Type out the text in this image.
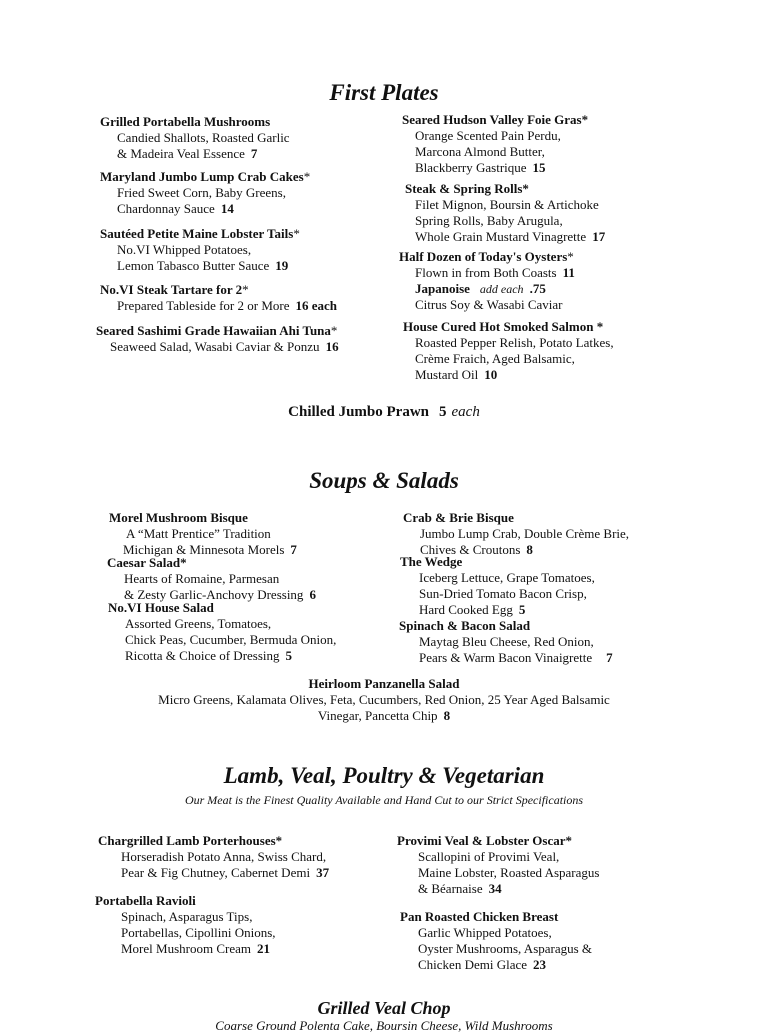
First Plates
Grilled Portabella Mushrooms
Candied Shallots, Roasted Garlic
& Madeira Veal Essence 7
Maryland Jumbo Lump Crab Cakes*
Fried Sweet Corn, Baby Greens,
Chardonnay Sauce 14
Sautéed Petite Maine Lobster Tails*
No.VI Whipped Potatoes,
Lemon Tabasco Butter Sauce 19
No.VI Steak Tartare for 2*
Prepared Tableside for 2 or More 16 each
Seared Sashimi Grade Hawaiian Ahi Tuna*
Seaweed Salad, Wasabi Caviar & Ponzu 16
Seared Hudson Valley Foie Gras*
Orange Scented Pain Perdu,
Marcona Almond Butter,
Blackberry Gastrique 15
Steak & Spring Rolls*
Filet Mignon, Boursin & Artichoke
Spring Rolls, Baby Arugula,
Whole Grain Mustard Vinagrette 17
Half Dozen of Today's Oysters*
Flown in from Both Coasts 11
Japanoise add each .75
Citrus Soy & Wasabi Caviar
House Cured Hot Smoked Salmon *
Roasted Pepper Relish, Potato Latkes,
Crème Fraich, Aged Balsamic,
Mustard Oil 10
Chilled Jumbo Prawn 5 each
Soups & Salads
Morel Mushroom Bisque
A “Matt Prentice” Tradition
Michigan & Minnesota Morels 7
Caesar Salad*
Hearts of Romaine, Parmesan
& Zesty Garlic-Anchovy Dressing 6
No.VI House Salad
Assorted Greens, Tomatoes,
Chick Peas, Cucumber, Bermuda Onion,
Ricotta & Choice of Dressing 5
Crab & Brie Bisque
Jumbo Lump Crab, Double Crème Brie,
Chives & Croutons 8
The Wedge
Iceberg Lettuce, Grape Tomatoes,
Sun-Dried Tomato Bacon Crisp,
Hard Cooked Egg 5
Spinach & Bacon Salad
Maytag Bleu Cheese, Red Onion,
Pears & Warm Bacon Vinaigrette 7
Heirloom Panzanella Salad
Micro Greens, Kalamata Olives, Feta, Cucumbers, Red Onion, 25 Year Aged Balsamic
Vinegar, Pancetta Chip 8
Lamb, Veal, Poultry & Vegetarian
Our Meat is the Finest Quality Available and Hand Cut to our Strict Specifications
Chargrilled Lamb Porterhouses*
Horseradish Potato Anna, Swiss Chard,
Pear & Fig Chutney, Cabernet Demi 37
Portabella Ravioli
Spinach, Asparagus Tips,
Portabellas, Cipollini Onions,
Morel Mushroom Cream 21
Provimi Veal & Lobster Oscar*
Scallopini of Provimi Veal,
Maine Lobster, Roasted Asparagus
& Béarnaise 34
Pan Roasted Chicken Breast
Garlic Whipped Potatoes,
Oyster Mushrooms, Asparagus &
Chicken Demi Glace 23
Grilled Veal Chop
Coarse Ground Polenta Cake, Boursin Cheese, Wild Mushrooms
